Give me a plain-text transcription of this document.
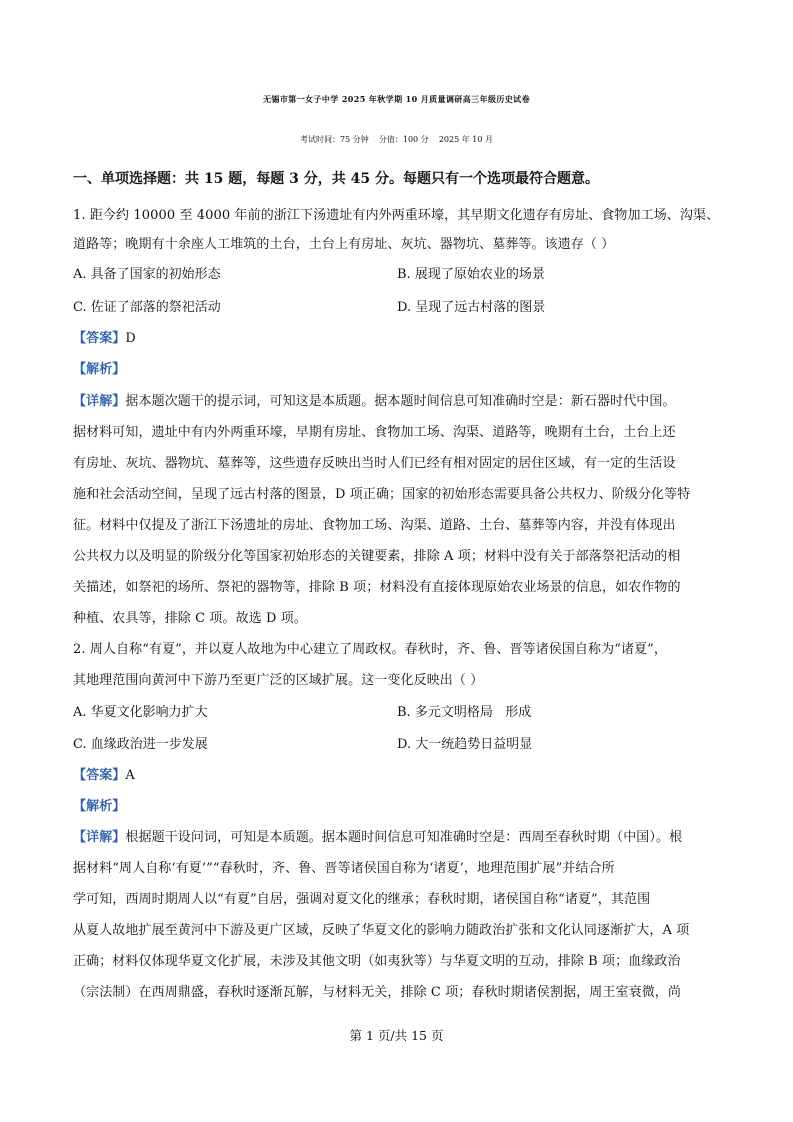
无锡市第一女子中学 2025 年秋学期 10 月质量调研高三年级历史试卷
考试时间：75 分钟    分值：100 分    2025 年 10 月
一、单项选择题：共 15 题，每题 3 分，共 45 分。每题只有一个选项最符合题意。
1. 距今约 10000 至 4000 年前的浙江下汤遗址有内外两重环壕，其早期文化遗存有房址、食物加工场、沟渠、
道路等；晚期有十余座人工堆筑的土台，土台上有房址、灰坑、器物坑、墓葬等。该遗存（ ）
A. 具备了国家的初始形态	B. 展现了原始农业的场景
C. 佐证了部落的祭祀活动	D. 呈现了远古村落的图景
【答案】D
【解析】
【详解】据本题次题干的提示词，可知这是本质题。据本题时间信息可知准确时空是：新石器时代中国。
据材料可知，遗址中有内外两重环壕，早期有房址、食物加工场、沟渠、道路等，晚期有土台，土台上还
有房址、灰坑、器物坑、墓葬等，这些遗存反映出当时人们已经有相对固定的居住区域，有一定的生活设
施和社会活动空间，呈现了远古村落的图景，D 项正确；国家的初始形态需要具备公共权力、阶级分化等特
征。材料中仅提及了浙江下汤遗址的房址、食物加工场、沟渠、道路、土台、墓葬等内容，并没有体现出
公共权力以及明显的阶级分化等国家初始形态的关键要素，排除 A 项；材料中没有关于部落祭祀活动的相
关描述，如祭祀的场所、祭祀的器物等，排除 B 项；材料没有直接体现原始农业场景的信息，如农作物的
种植、农具等，排除 C 项。故选 D 项。
2. 周人自称“有夏”，并以夏人故地为中心建立了周政权。春秋时，齐、鲁、晋等诸侯国自称为“诸夏”，
其地理范围向黄河中下游乃至更广泛的区域扩展。这一变化反映出（ ）
A. 华夏文化影响力扩大	B. 多元文明格局   形成
C. 血缘政治进一步发展	D. 大一统趋势日益明显
【答案】A
【解析】
【详解】根据题干设问词，可知是本质题。据本题时间信息可知准确时空是：西周至春秋时期（中国）。根
据材料“周人自称‘有夏’”“春秋时，齐、鲁、晋等诸侯国自称为‘诸夏’，地理范围扩展”并结合所
学可知，西周时期周人以“有夏”自居，强调对夏文化的继承；春秋时期，诸侯国自称“诸夏”，其范围
从夏人故地扩展至黄河中下游及更广区域，反映了华夏文化的影响力随政治扩张和文化认同逐渐扩大，A 项
正确；材料仅体现华夏文化扩展，未涉及其他文明（如夷狄等）与华夏文明的互动，排除 B 项；血缘政治
（宗法制）在西周鼎盛，春秋时逐渐瓦解，与材料无关，排除 C 项；春秋时期诸侯割据，周王室衰微，尚
第 1 页/共 15 页
